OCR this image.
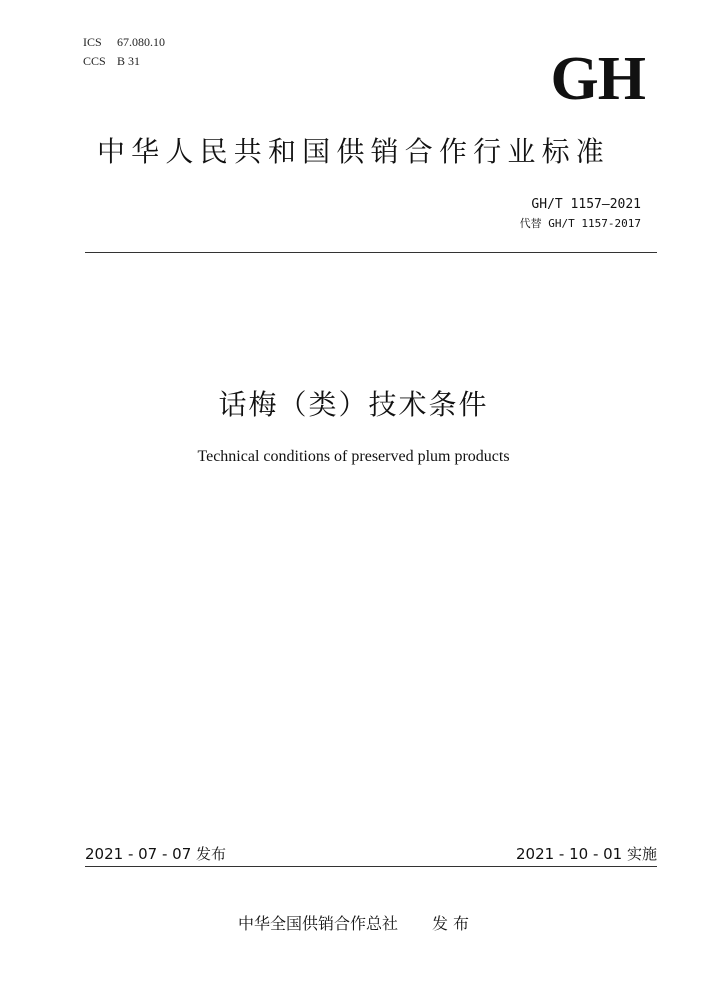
ICS	67.080.10
CCS B 31	GH
中华人民共和国供销合作行业标准
GH/T 1157—2021
代替 GH/T 1157-2017
话梅（类）技术条件
Technical conditions of preserved plum products
2021 - 07 - 07 发布	2021 - 10 - 01 实施
中华全国供销合作总社 发 布
